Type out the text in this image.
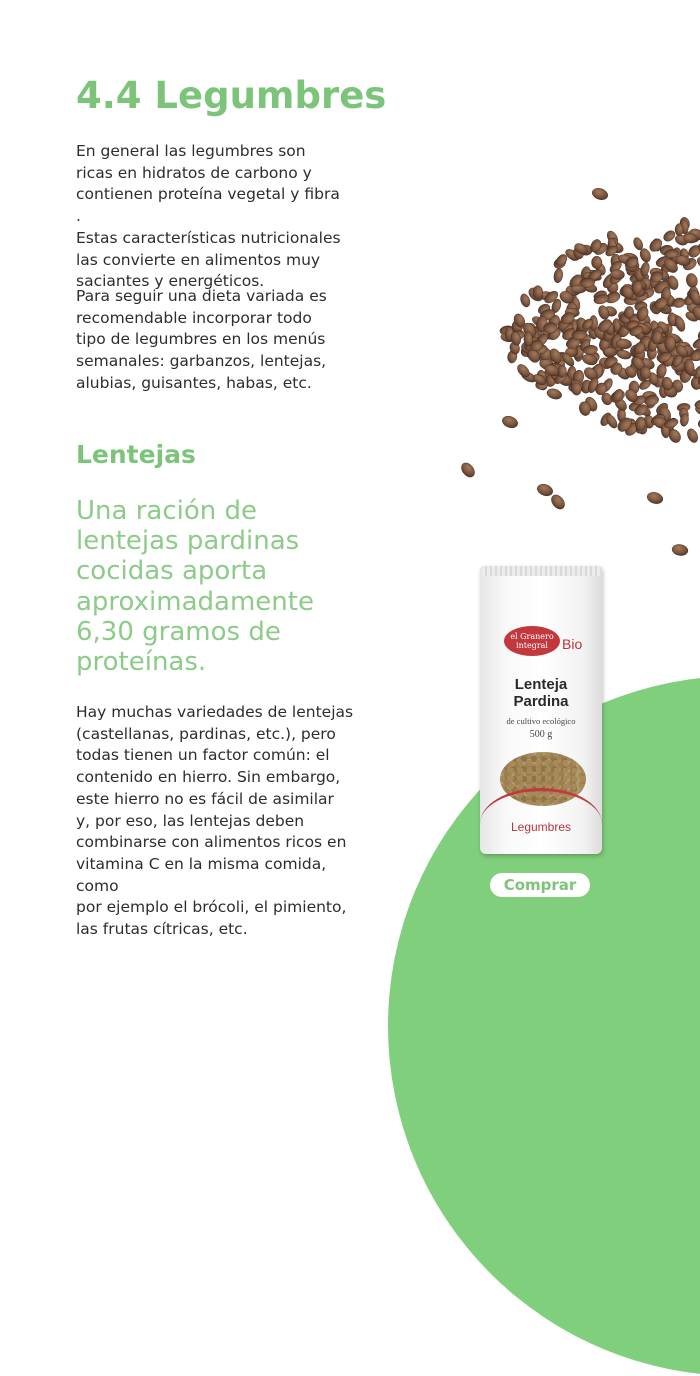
4.4 Legumbres

En general las legumbres son
ricas en hidratos de carbono y
contienen proteína vegetal y fibra .
Estas características nutricionales
las convierte en alimentos muy
saciantes y energéticos.

Para seguir una dieta variada es
recomendable incorporar todo
tipo de legumbres en los menús
semanales: garbanzos, lentejas,
alubias, guisantes, habas, etc.

Lentejas

Una ración de
lentejas pardinas
cocidas aporta
aproximadamente
6,30 gramos de
proteínas.

Hay muchas variedades de lentejas
(castellanas, pardinas, etc.), pero
todas tienen un factor común: el
contenido en hierro. Sin embargo,
este hierro no es fácil de asimilar
y, por eso, las lentejas deben
combinarse con alimentos ricos en
vitamina C en la misma comida, como
por ejemplo el brócoli, el pimiento,
las frutas cítricas, etc.

el Granero integral	Bio
Lenteja
Pardina
de cultivo ecológico
500 g
Legumbres
Comprar
